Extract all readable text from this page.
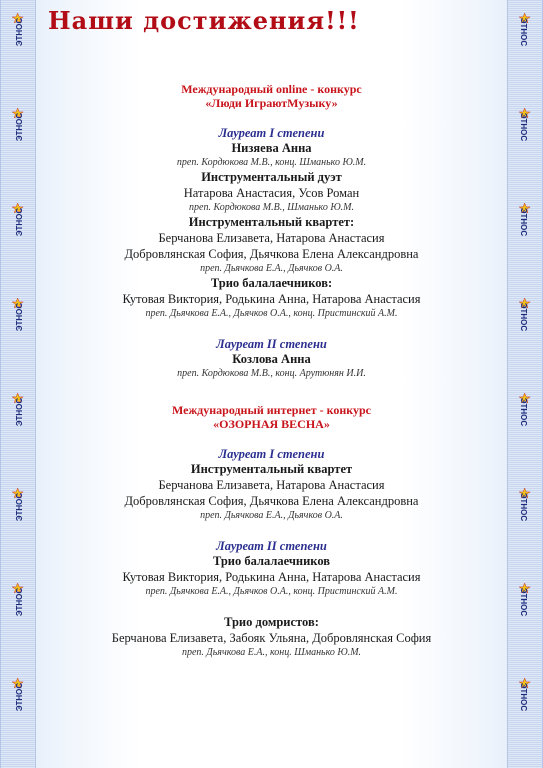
ЭТНОС
ЭТНОС
ЭТНОС
ЭТНОС
ЭТНОС
ЭТНОС
ЭТНОС
ЭТНОС
ЭТНОС
ЭТНОС
ЭТНОС
ЭТНОС
ЭТНОС
ЭТНОС
ЭТНОС
ЭТНОС
Наши достижения!!!
Международный online - конкурс
«Люди ИграютМузыку»
Лауреат I степени
Низяева Анна
преп. Кордюкова М.В., конц. Шманько Ю.М.
Инструментальный дуэт
Натарова Анастасия, Усов Роман
преп. Кордюкова М.В., Шманько Ю.М.
Инструментальный квартет:
Берчанова Елизавета, Натарова Анастасия
Добровлянская София, Дьячкова Елена Александровна
преп. Дьячкова Е.А., Дьячков О.А.
Трио балалаечников:
Кутовая Виктория, Родькина Анна, Натарова Анастасия
преп. Дьячкова Е.А., Дьячков О.А., конц. Пристинский А.М.
Лауреат II степени
Козлова Анна
преп. Кордюкова М.В., конц. Арутюнян И.И.
Международный интернет - конкурс
«ОЗОРНАЯ ВЕСНА»
Лауреат I степени
Инструментальный квартет
Берчанова Елизавета, Натарова Анастасия
Добровлянская София, Дьячкова Елена Александровна
преп. Дьячкова Е.А., Дьячков О.А.
Лауреат II степени
Трио балалаечников
Кутовая Виктория, Родькина Анна, Натарова Анастасия
преп. Дьячкова Е.А., Дьячков О.А., конц. Пристинский А.М.
Трио домристов:
Берчанова Елизавета, Забояк Ульяна, Добровлянская София
преп. Дьячкова Е.А., конц. Шманько Ю.М.
